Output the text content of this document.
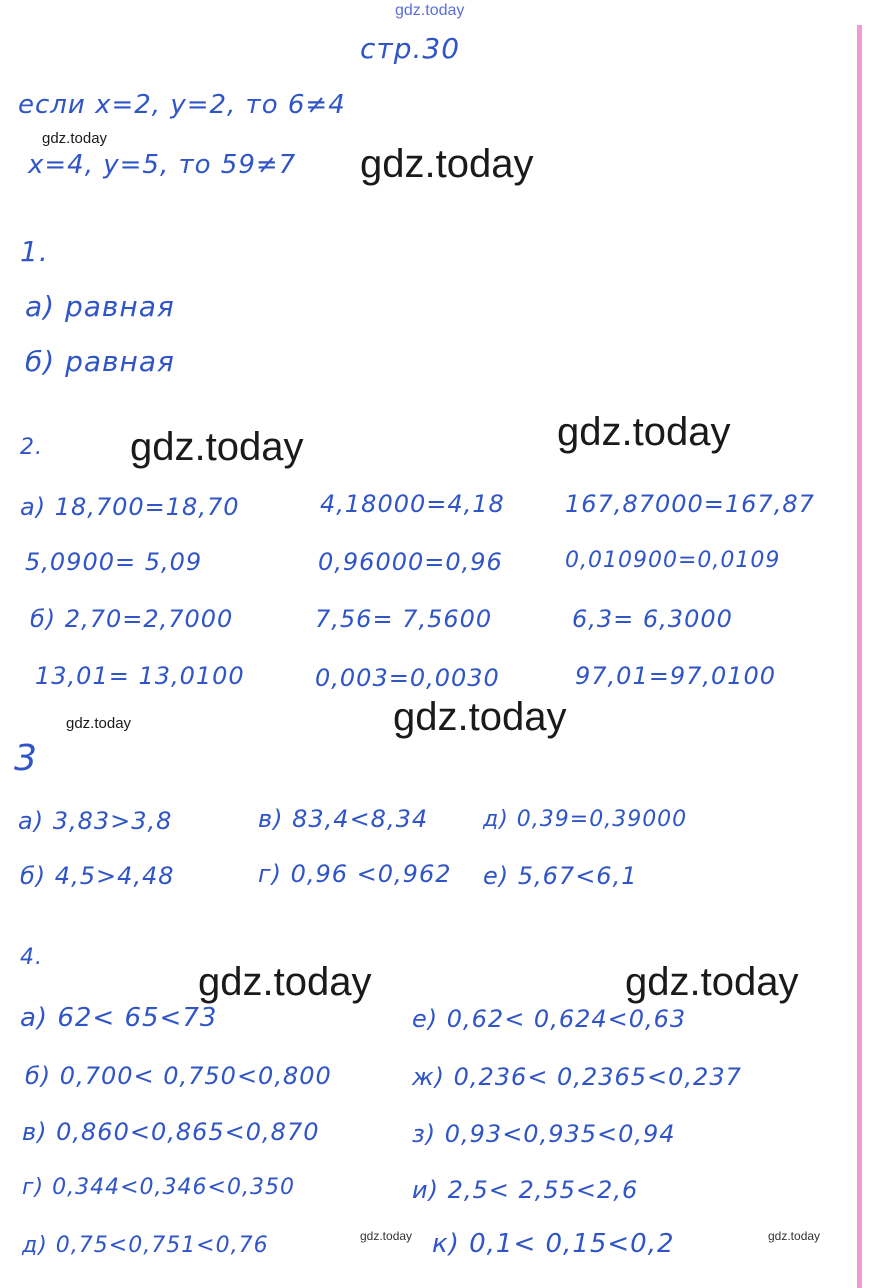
gdz.today
gdz.today
gdz.today
gdz.today	gdz.today
gdz.today	gdz.today
gdz.today	gdz.today
gdz.today	gdz.today
стр.30
если х=2, у=2, то 6≠4
х=4, у=5, то 59≠7
1.
а) равная
б) равная
2.
а) 18,700=18,70	4,18000=4,18	167,87000=167,87
5,0900= 5,09	0,96000=0,96	0,010900=0,0109
б) 2,70=2,7000	7,56= 7,5600	6,3= 6,3000
13,01= 13,0100	0,003=0,0030	97,01=97,0100
3
а) 3,83>3,8	в) 83,4<8,34 д) 0,39=0,39000
б) 4,5>4,48	г) 0,96 <0,962 е) 5,67<6,1
4.
а) 62< 65<73
б) 0,700< 0,750<0,800
в) 0,860<0,865<0,870
г) 0,344<0,346<0,350
д) 0,75<0,751<0,76
е) 0,62< 0,624<0,63
ж) 0,236< 0,2365<0,237
з) 0,93<0,935<0,94
и) 2,5< 2,55<2,6
к) 0,1< 0,15<0,2
